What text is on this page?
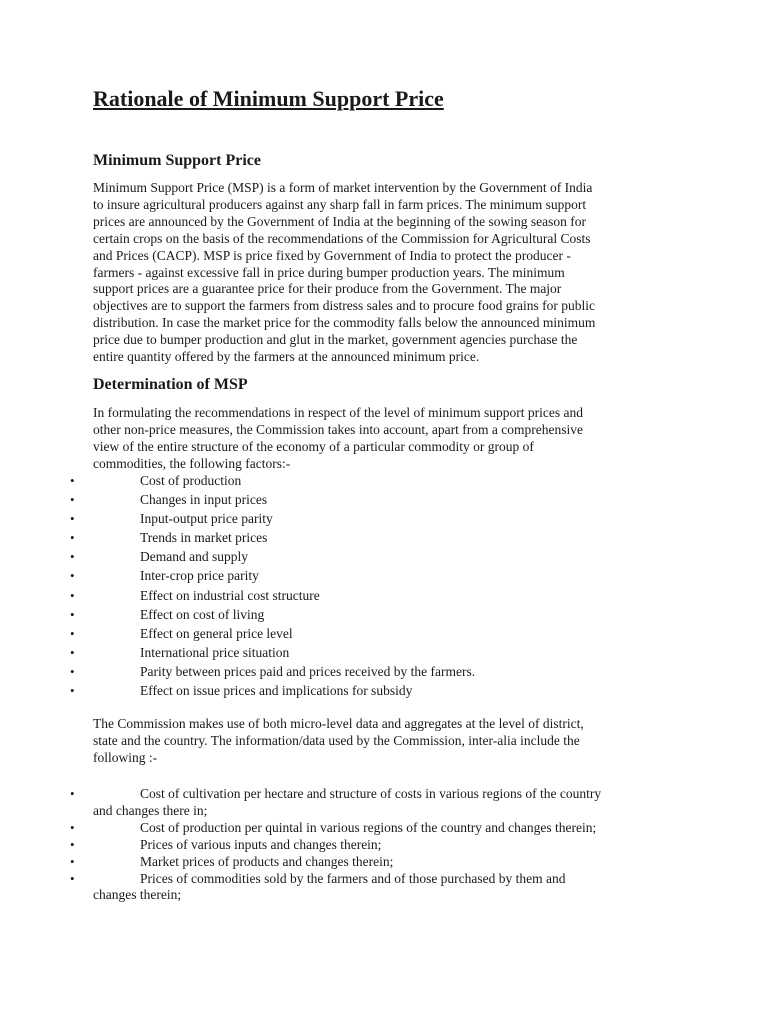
Rationale of Minimum Support Price
Minimum Support Price
Minimum Support Price (MSP) is a form of market intervention by the Government of India
to insure agricultural producers against any sharp fall in farm prices. The minimum support
prices are announced by the Government of India at the beginning of the sowing season for
certain crops on the basis of the recommendations of the Commission for Agricultural Costs
and Prices (CACP). MSP is price fixed by Government of India to protect the producer -
farmers - against excessive fall in price during bumper production years. The minimum
support prices are a guarantee price for their produce from the Government. The major
objectives are to support the farmers from distress sales and to procure food grains for public
distribution. In case the market price for the commodity falls below the announced minimum
price due to bumper production and glut in the market, government agencies purchase the
entire quantity offered by the farmers at the announced minimum price.
Determination of MSP
In formulating the recommendations in respect of the level of minimum support prices and
other non-price measures, the Commission takes into account, apart from a comprehensive
view of the entire structure of the economy of a particular commodity or group of
commodities, the following factors:-
•	Cost of production
•	Changes in input prices
•	Input-output price parity
•	Trends in market prices
•	Demand and supply
•	Inter-crop price parity
•	Effect on industrial cost structure
•	Effect on cost of living
•	Effect on general price level
•	International price situation
•	Parity between prices paid and prices received by the farmers.
•	Effect on issue prices and implications for subsidy
The Commission makes use of both micro-level data and aggregates at the level of district,
state and the country. The information/data used by the Commission, inter-alia include the
following :-
•	Cost of cultivation per hectare and structure of costs in various regions of the country
and changes there in;
•	Cost of production per quintal in various regions of the country and changes therein;
•	Prices of various inputs and changes therein;
•	Market prices of products and changes therein;
•	Prices of commodities sold by the farmers and of those purchased by them and
changes therein;
